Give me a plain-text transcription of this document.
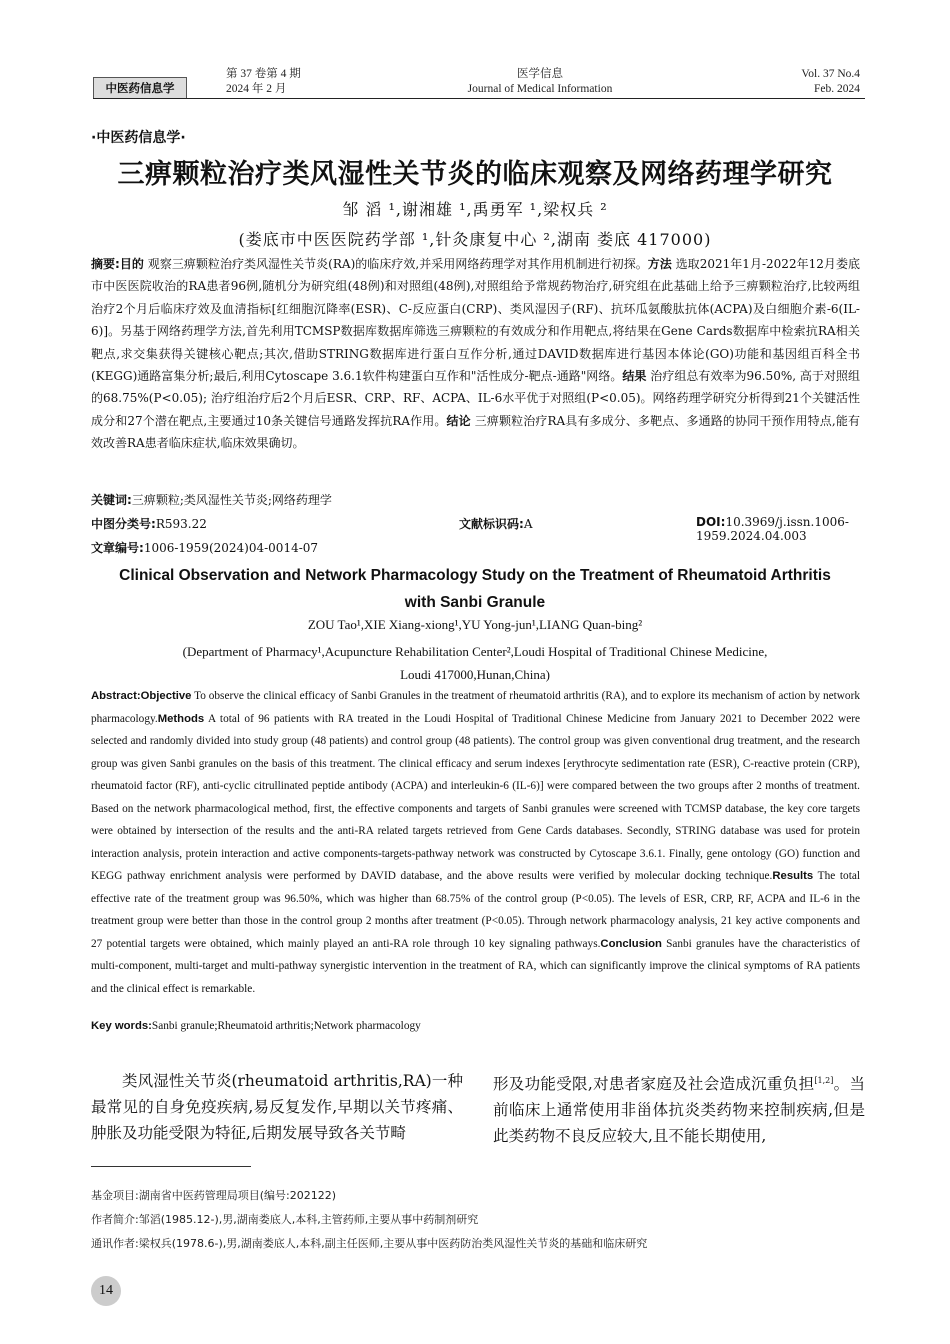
中医药信息学
第 37 卷第 4 期
2024 年 2 月
医学信息
Journal of Medical Information
Vol. 37 No.4
Feb. 2024
·中医药信息学·
三痹颗粒治疗类风湿性关节炎的临床观察及网络药理学研究
邹 滔 ¹,谢湘雄 ¹,禹勇军 ¹,梁权兵 ²
(娄底市中医医院药学部 ¹,针灸康复中心 ²,湖南 娄底 417000)
摘要:目的 观察三痹颗粒治疗类风湿性关节炎(RA)的临床疗效,并采用网络药理学对其作用机制进行初探。方法 选取2021年1月-2022年12月娄底市中医医院收治的RA患者96例,随机分为研究组(48例)和对照组(48例),对照组给予常规药物治疗,研究组在此基础上给予三痹颗粒治疗,比较两组治疗2个月后临床疗效及血清指标[红细胞沉降率(ESR)、C-反应蛋白(CRP)、类风湿因子(RF)、抗环瓜氨酸肽抗体(ACPA)及白细胞介素-6(IL-6)]。另基于网络药理学方法,首先利用TCMSP数据库数据库筛选三痹颗粒的有效成分和作用靶点,将结果在Gene Cards数据库中检索抗RA相关靶点,求交集获得关键核心靶点;其次,借助STRING数据库进行蛋白互作分析,通过DAVID数据库进行基因本体论(GO)功能和基因组百科全书(KEGG)通路富集分析;最后,利用Cytoscape 3.6.1软件构建蛋白互作和"活性成分-靶点-通路"网络。结果 治疗组总有效率为96.50%, 高于对照组的68.75%(P<0.05); 治疗组治疗后2个月后ESR、CRP、RF、ACPA、IL-6水平优于对照组(P<0.05)。网络药理学研究分析得到21个关键活性成分和27个潜在靶点,主要通过10条关键信号通路发挥抗RA作用。结论 三痹颗粒治疗RA具有多成分、多靶点、多通路的协同干预作用特点,能有效改善RA患者临床症状,临床效果确切。
关键词:三痹颗粒;类风湿性关节炎;网络药理学
中图分类号:R593.22	文献标识码:A	DOI:10.3969/j.issn.1006-1959.2024.04.003
文章编号:1006-1959(2024)04-0014-07
Clinical Observation and Network Pharmacology Study on the Treatment of Rheumatoid Arthritis
with Sanbi Granule
ZOU Tao¹,XIE Xiang-xiong¹,YU Yong-jun¹,LIANG Quan-bing²
(Department of Pharmacy¹,Acupuncture Rehabilitation Center²,Loudi Hospital of Traditional Chinese Medicine,
Loudi 417000,Hunan,China)
Abstract:Objective To observe the clinical efficacy of Sanbi Granules in the treatment of rheumatoid arthritis (RA), and to explore its mechanism of action by network pharmacology.Methods A total of 96 patients with RA treated in the Loudi Hospital of Traditional Chinese Medicine from January 2021 to December 2022 were selected and randomly divided into study group (48 patients) and control group (48 patients). The control group was given conventional drug treatment, and the research group was given Sanbi granules on the basis of this treatment. The clinical efficacy and serum indexes [erythrocyte sedimentation rate (ESR), C-reactive protein (CRP), rheumatoid factor (RF), anti-cyclic citrullinated peptide antibody (ACPA) and interleukin-6 (IL-6)] were compared between the two groups after 2 months of treatment. Based on the network pharmacological method, first, the effective components and targets of Sanbi granules were screened with TCMSP database, the key core targets were obtained by intersection of the results and the anti-RA related targets retrieved from Gene Cards databases. Secondly, STRING database was used for protein interaction analysis, protein interaction and active components-targets-pathway network was constructed by Cytoscape 3.6.1. Finally, gene ontology (GO) function and KEGG pathway enrichment analysis were performed by DAVID database, and the above results were verified by molecular docking technique.Results The total effective rate of the treatment group was 96.50%, which was higher than 68.75% of the control group (P<0.05). The levels of ESR, CRP, RF, ACPA and IL-6 in the treatment group were better than those in the control group 2 months after treatment (P<0.05). Through network pharmacology analysis, 21 key active components and 27 potential targets were obtained, which mainly played an anti-RA role through 10 key signaling pathways.Conclusion Sanbi granules have the characteristics of multi-component, multi-target and multi-pathway synergistic intervention in the treatment of RA, which can significantly improve the clinical symptoms of RA patients and the clinical effect is remarkable.
Key words:Sanbi granule;Rheumatoid arthritis;Network pharmacology
类风湿性关节炎(rheumatoid arthritis,RA)一种最常见的自身免疫疾病,易反复发作,早期以关节疼痛、肿胀及功能受限为特征,后期发展导致各关节畸
形及功能受限,对患者家庭及社会造成沉重负担[1,2]。当前临床上通常使用非甾体抗炎类药物来控制疾病,但是此类药物不良反应较大,且不能长期使用,
基金项目:湖南省中医药管理局项目(编号:202122)
作者简介:邹滔(1985.12-),男,湖南娄底人,本科,主管药师,主要从事中药制剂研究
通讯作者:梁权兵(1978.6-),男,湖南娄底人,本科,副主任医师,主要从事中医药防治类风湿性关节炎的基础和临床研究
14
